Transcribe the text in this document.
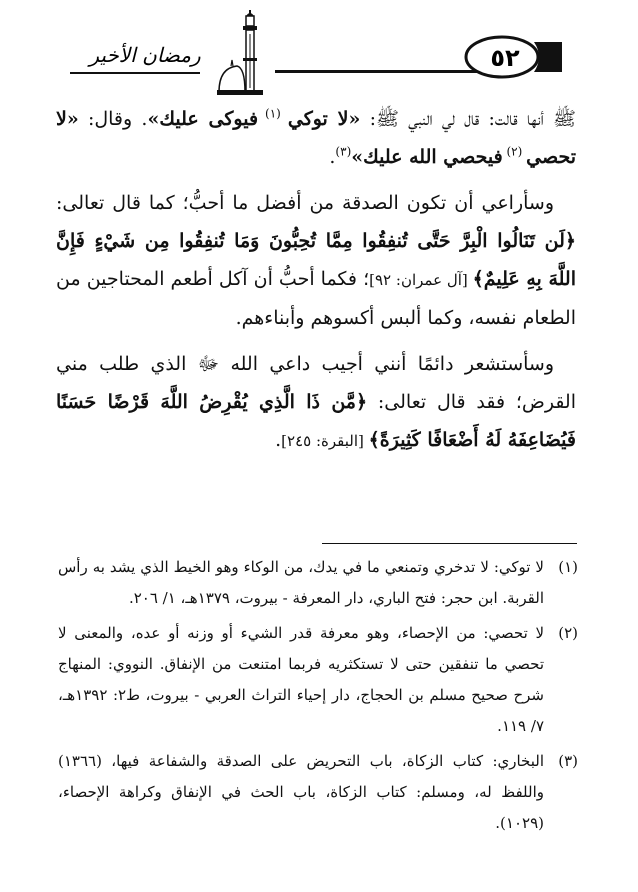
٥٢
رمضان الأخير

ﷺ أنها قالت: قال لي النبي ﷺ: «لا توكي $^{(١)}$ فيوكى عليك». وقال: «لا تحصي $^{(٢)}$ فيحصي الله عليك»$^{(٣)}$.

وسأراعي أن تكون الصدقة من أفضل ما أحبُّ؛ كما قال تعالى: ﴿لَن تَنَالُوا الْبِرَّ حَتَّى تُنفِقُوا مِمَّا تُحِبُّونَ وَمَا تُنفِقُوا مِن شَيْءٍ فَإِنَّ اللَّهَ بِهِ عَلِيمٌ﴾ [آل عمران: ٩٢]؛ فكما أحبُّ أن آكل أطعم المحتاجين من الطعام نفسه، وكما ألبس أكسوهم وأبناءهم.

وسأستشعر دائمًا أنني أجيب داعي الله ﷻ الذي طلب مني القرض؛ فقد قال تعالى: ﴿مَّن ذَا الَّذِي يُقْرِضُ اللَّهَ قَرْضًا حَسَنًا فَيُضَاعِفَهُ لَهُ أَضْعَافًا كَثِيرَةً﴾ [البقرة: ٢٤٥].

(١)
لا توكي: لا تدخري وتمنعي ما في يدك، من الوكاء وهو الخيط الذي يشد به رأس القربة. ابن حجر: فتح الباري، دار المعرفة - بيروت، ١٣٧٩هـ، ١/ ٢٠٦.

(٢)
لا تحصي: من الإحصاء، وهو معرفة قدر الشيء أو وزنه أو عده، والمعنى لا تحصي ما تنفقين حتى لا تستكثريه فربما امتنعت من الإنفاق. النووي: المنهاج شرح صحيح مسلم بن الحجاج، دار إحياء التراث العربي - بيروت، ط٢: ١٣٩٢هـ، ٧/ ١١٩.

(٣)
البخاري: كتاب الزكاة، باب التحريض على الصدقة والشفاعة فيها، (١٣٦٦) واللفظ له، ومسلم: كتاب الزكاة، باب الحث في الإنفاق وكراهة الإحصاء، (١٠٢٩).
